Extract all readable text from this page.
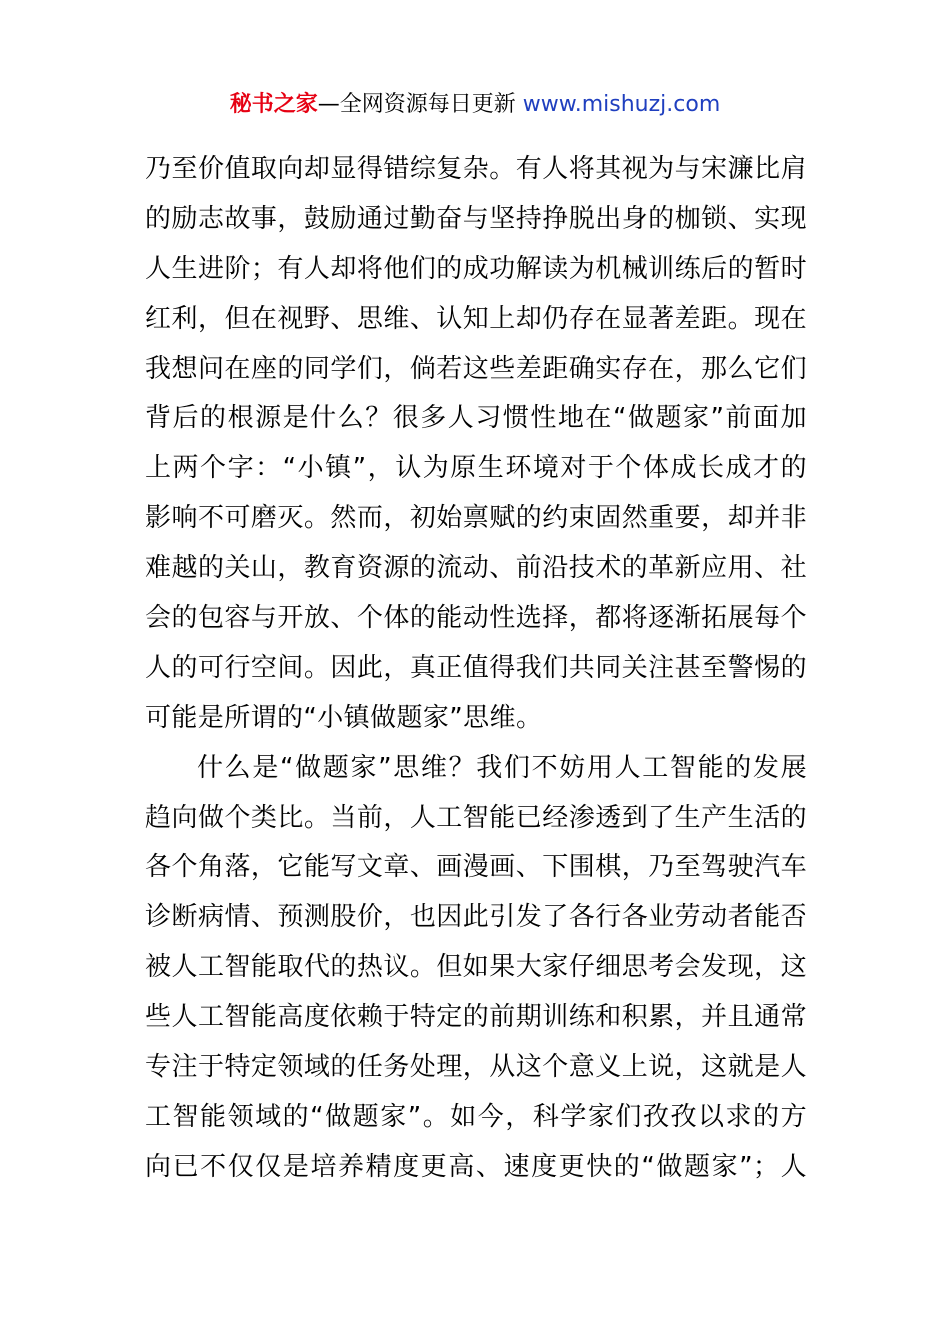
秘书之家—全网资源每日更新 www.mishuzj.com
乃至价值取向却显得错综复杂。有人将其视为与宋濂比肩
的励志故事，鼓励通过勤奋与坚持挣脱出身的枷锁、实现
人生进阶；有人却将他们的成功解读为机械训练后的暂时
红利，但在视野、思维、认知上却仍存在显著差距。现在
我想问在座的同学们，倘若这些差距确实存在，那么它们
背后的根源是什么？很多人习惯性地在“做题家”前面加
上两个字：“小镇”，认为原生环境对于个体成长成才的
影响不可磨灭。然而，初始禀赋的约束固然重要，却并非
难越的关山，教育资源的流动、前沿技术的革新应用、社
会的包容与开放、个体的能动性选择，都将逐渐拓展每个
人的可行空间。因此，真正值得我们共同关注甚至警惕的
可能是所谓的“小镇做题家”思维。
什么是“做题家”思维？我们不妨用人工智能的发展
趋向做个类比。当前，人工智能已经渗透到了生产生活的
各个角落，它能写文章、画漫画、下围棋，乃至驾驶汽车
诊断病情、预测股价，也因此引发了各行各业劳动者能否
被人工智能取代的热议。但如果大家仔细思考会发现，这
些人工智能高度依赖于特定的前期训练和积累，并且通常
专注于特定领域的任务处理，从这个意义上说，这就是人
工智能领域的“做题家”。如今，科学家们孜孜以求的方
向已不仅仅是培养精度更高、速度更快的“做题家”；人
